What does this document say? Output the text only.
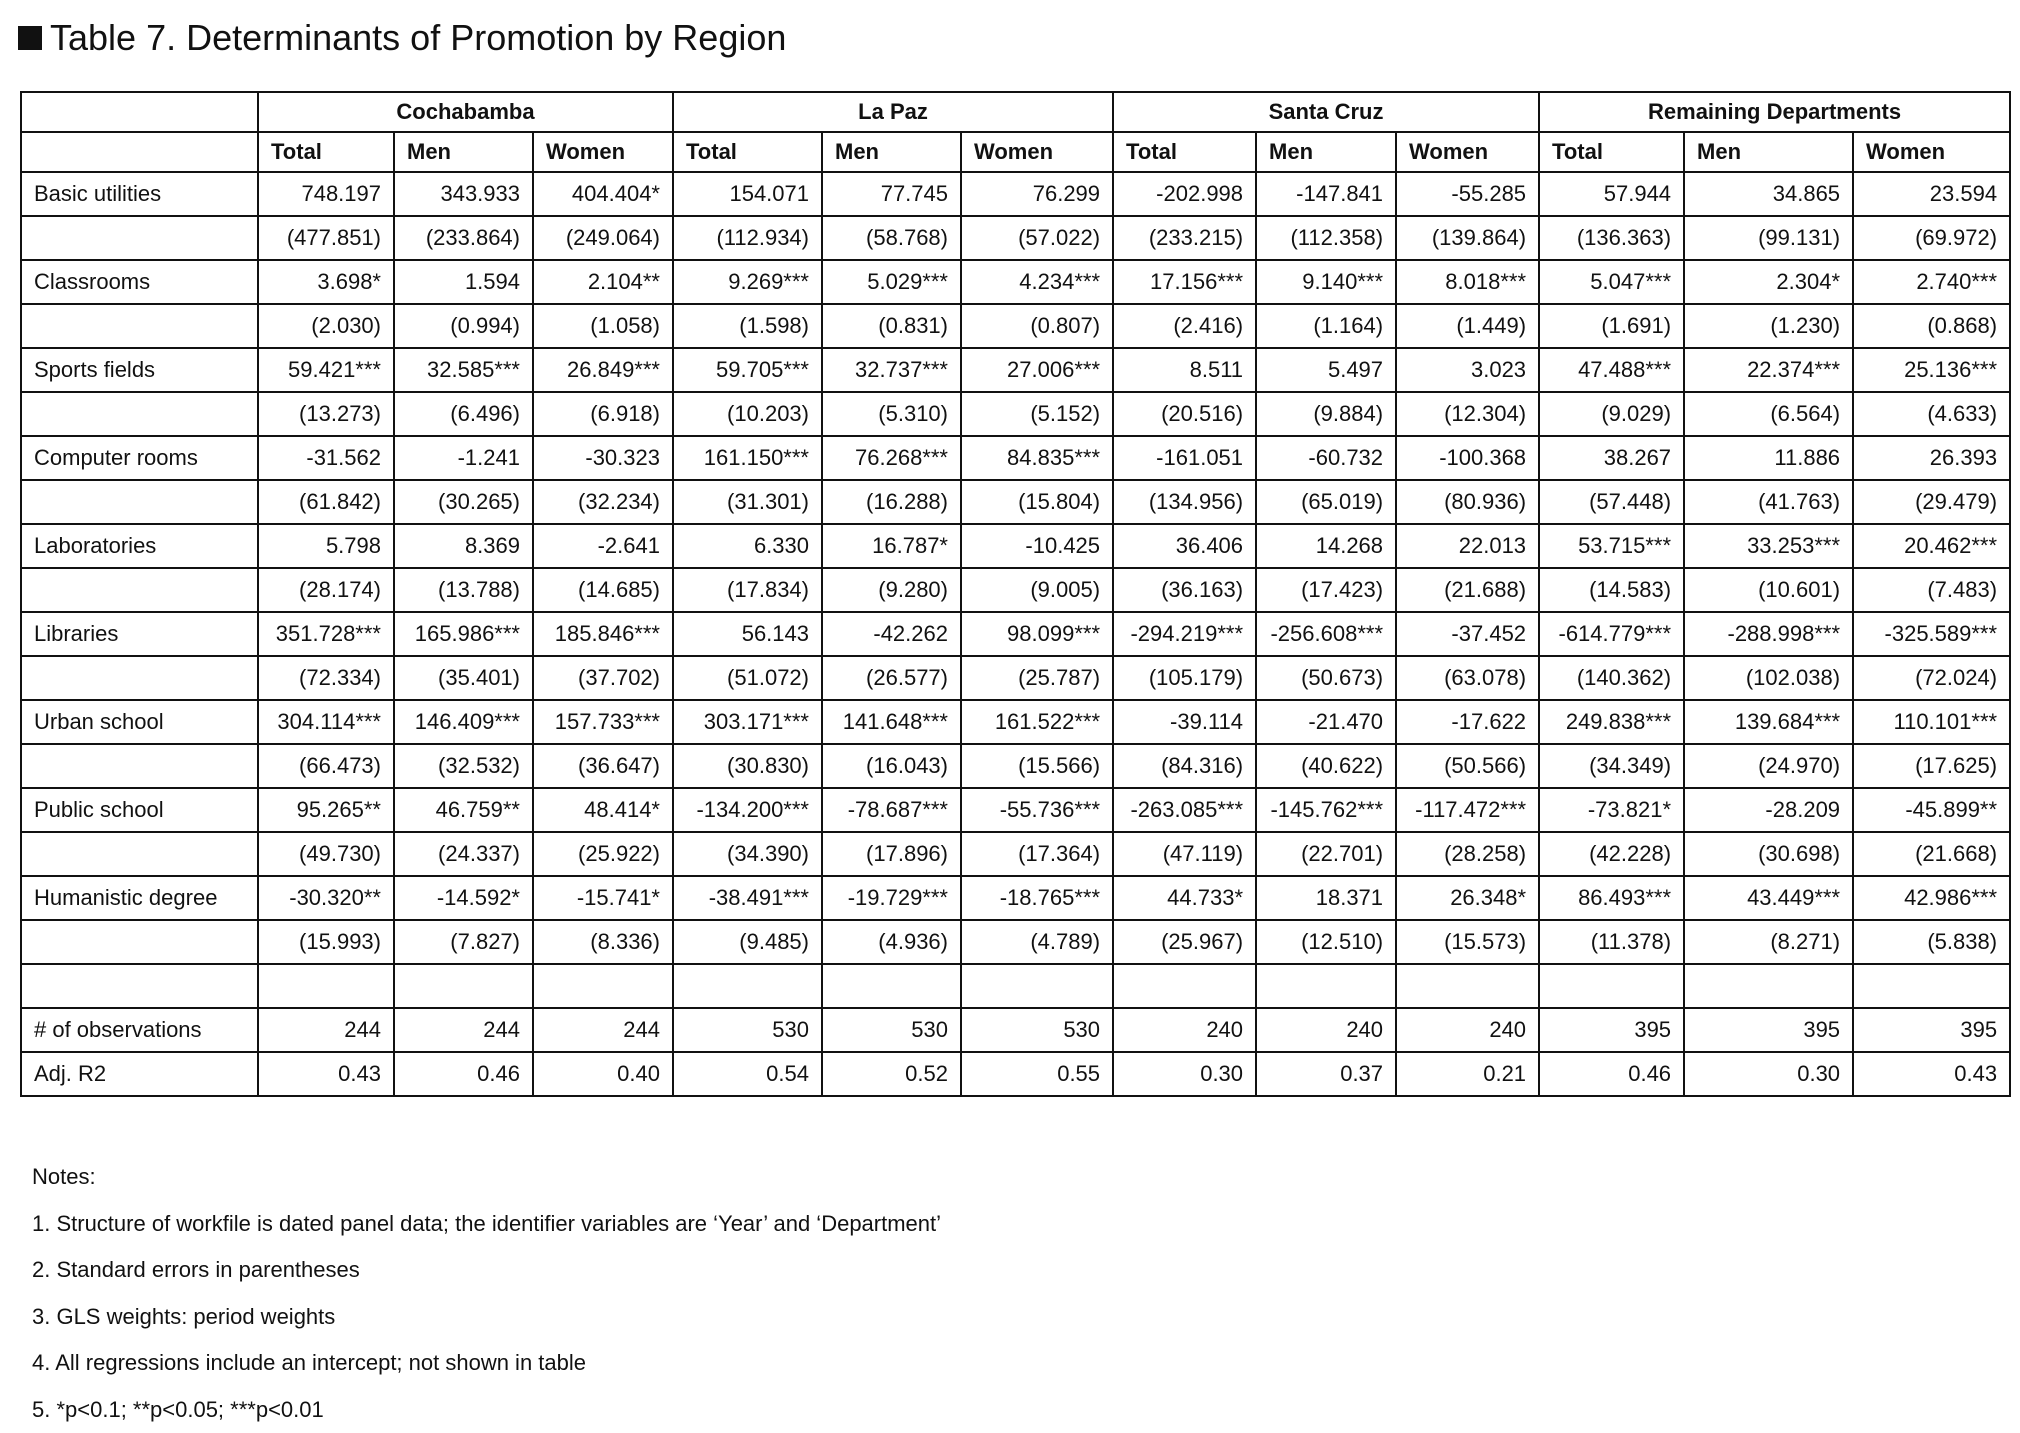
Table 7. Determinants of Promotion by Region
	Cochabamba			La Paz			Santa Cruz			Remaining Departments		
	Total	Men	Women	Total	Men	Women	Total	Men	Women	Total	Men	Women
Basic utilities	748.197	343.933	404.404*	154.071	77.745	76.299	-202.998	-147.841	-55.285	57.944	34.865	23.594
	(477.851)	(233.864)	(249.064)	(112.934)	(58.768)	(57.022)	(233.215)	(112.358)	(139.864)	(136.363)	(99.131)	(69.972)
Classrooms	3.698*	1.594	2.104**	9.269***	5.029***	4.234***	17.156***	9.140***	8.018***	5.047***	2.304*	2.740***
	(2.030)	(0.994)	(1.058)	(1.598)	(0.831)	(0.807)	(2.416)	(1.164)	(1.449)	(1.691)	(1.230)	(0.868)
Sports fields	59.421***	32.585***	26.849***	59.705***	32.737***	27.006***	8.511	5.497	3.023	47.488***	22.374***	25.136***
	(13.273)	(6.496)	(6.918)	(10.203)	(5.310)	(5.152)	(20.516)	(9.884)	(12.304)	(9.029)	(6.564)	(4.633)
Computer rooms	-31.562	-1.241	-30.323	161.150***	76.268***	84.835***	-161.051	-60.732	-100.368	38.267	11.886	26.393
	(61.842)	(30.265)	(32.234)	(31.301)	(16.288)	(15.804)	(134.956)	(65.019)	(80.936)	(57.448)	(41.763)	(29.479)
Laboratories	5.798	8.369	-2.641	6.330	16.787*	-10.425	36.406	14.268	22.013	53.715***	33.253***	20.462***
	(28.174)	(13.788)	(14.685)	(17.834)	(9.280)	(9.005)	(36.163)	(17.423)	(21.688)	(14.583)	(10.601)	(7.483)
Libraries	351.728***	165.986***	185.846***	56.143	-42.262	98.099***	-294.219***	-256.608***	-37.452	-614.779***	-288.998***	-325.589***
	(72.334)	(35.401)	(37.702)	(51.072)	(26.577)	(25.787)	(105.179)	(50.673)	(63.078)	(140.362)	(102.038)	(72.024)
Urban school	304.114***	146.409***	157.733***	303.171***	141.648***	161.522***	-39.114	-21.470	-17.622	249.838***	139.684***	110.101***
	(66.473)	(32.532)	(36.647)	(30.830)	(16.043)	(15.566)	(84.316)	(40.622)	(50.566)	(34.349)	(24.970)	(17.625)
Public school	95.265**	46.759**	48.414*	-134.200***	-78.687***	-55.736***	-263.085***	-145.762***	-117.472***	-73.821*	-28.209	-45.899**
	(49.730)	(24.337)	(25.922)	(34.390)	(17.896)	(17.364)	(47.119)	(22.701)	(28.258)	(42.228)	(30.698)	(21.668)
Humanistic degree	-30.320**	-14.592*	-15.741*	-38.491***	-19.729***	-18.765***	44.733*	18.371	26.348*	86.493***	43.449***	42.986***
	(15.993)	(7.827)	(8.336)	(9.485)	(4.936)	(4.789)	(25.967)	(12.510)	(15.573)	(11.378)	(8.271)	(5.838)

# of observations	244	244	244	530	530	530	240	240	240	395	395	395
Adj. R2	0.43	0.46	0.40	0.54	0.52	0.55	0.30	0.37	0.21	0.46	0.30	0.43
Notes:
1. Structure of workfile is dated panel data; the identifier variables are ‘Year’ and ‘Department’
2. Standard errors in parentheses
3. GLS weights: period weights
4. All regressions include an intercept; not shown in table
5. *p<0.1; **p<0.05; ***p<0.01
